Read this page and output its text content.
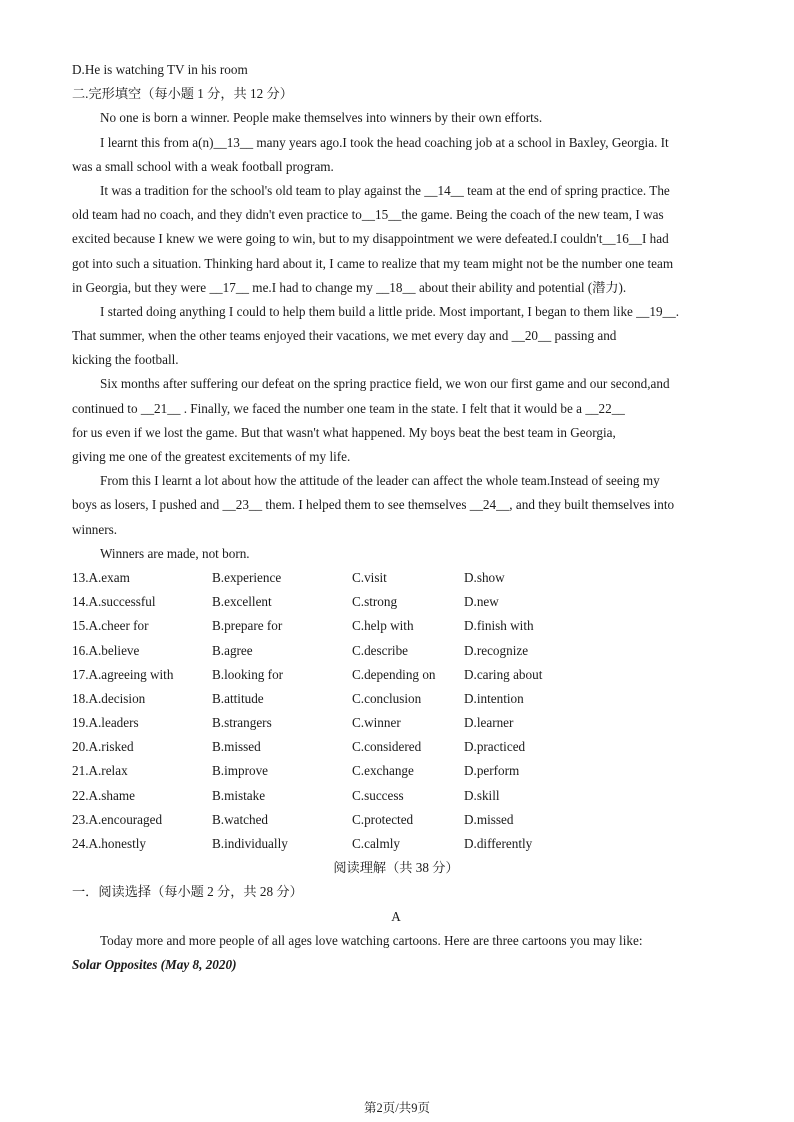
D.He is watching TV in his room
二.完形填空（每小题 1 分，共 12 分）
No one is born a winner. People make themselves into winners by their own efforts.
I learnt this from a(n)__13__ many years ago.I took the head coaching job at a school in Baxley, Georgia. It
was a small school with a weak football program.
It was a tradition for the school's old team to play against the __14__ team at the end of spring practice. The
old team had no coach, and they didn't even practice to__15__the game. Being the coach of the new team, I was
excited because I knew we were going to win, but to my disappointment we were defeated.I couldn't__16__I had
got into such a situation. Thinking hard about it, I came to realize that my team might not be the number one team
in Georgia, but they were __17__ me.I had to change my __18__ about their ability and potential (潜力).
I started doing anything I could to help them build a little pride. Most important, I began to them like __19__.
That summer, when the other teams enjoyed their vacations, we met every day and __20__ passing and
kicking the football.
Six months after suffering our defeat on the spring practice field, we won our first game and our second,and
continued to __21__ . Finally, we faced the number one team in the state. I felt that it would be a __22__
for us even if we lost the game. But that wasn't what happened. My boys beat the best team in Georgia,
giving me one of the greatest excitements of my life.
From this I learnt a lot about how the attitude of the leader can affect the whole team.Instead of seeing my
boys as losers, I pushed and __23__ them. I helped them to see themselves __24__, and they built themselves into
winners.
Winners are made, not born.
13.A.exam	B.experience	C.visit	D.show
14.A.successful	B.excellent	C.strong	D.new
15.A.cheer for	B.prepare for	C.help with	D.finish with
16.A.believe	B.agree	C.describe	D.recognize
17.A.agreeing with	B.looking for	C.depending on	D.caring about
18.A.decision	B.attitude	C.conclusion	D.intention
19.A.leaders	B.strangers	C.winner	D.learner
20.A.risked	B.missed	C.considered	D.practiced
21.A.relax	B.improve	C.exchange	D.perform
22.A.shame	B.mistake	C.success	D.skill
23.A.encouraged	B.watched	C.protected	D.missed
24.A.honestly	B.individually	C.calmly	D.differently
阅读理解（共 38 分）
一．阅读选择（每小题 2 分，共 28 分）
A
Today more and more people of all ages love watching cartoons. Here are three cartoons you may like:
Solar Opposites (May 8, 2020)
第2页/共9页
